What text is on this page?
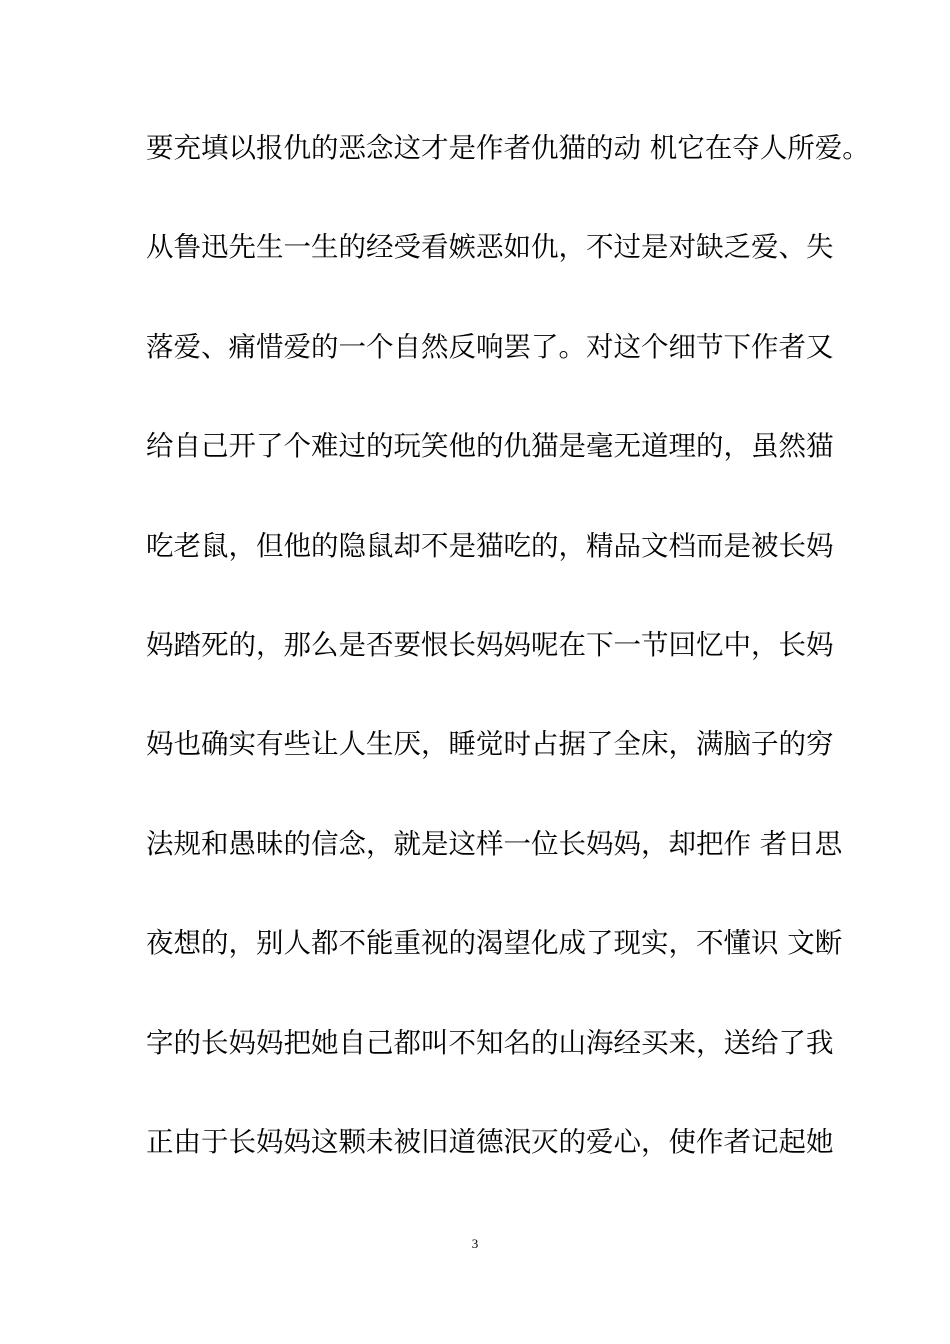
要充填以报仇的恶念这才是作者仇猫的动 机它在夺人所爱。
从鲁迅先生一生的经受看嫉恶如仇，不过是对缺乏爱、失
落爱、痛惜爱的一个自然反响罢了。对这个细节下作者又
给自己开了个难过的玩笑他的仇猫是毫无道理的，虽然猫
吃老鼠，但他的隐鼠却不是猫吃的，精品文档而是被长妈
妈踏死的，那么是否要恨长妈妈呢在下一节回忆中，长妈
妈也确实有些让人生厌，睡觉时占据了全床，满脑子的穷
法规和愚昧的信念，就是这样一位长妈妈，却把作 者日思
夜想的，别人都不能重视的渴望化成了现实，不懂识 文断
字的长妈妈把她自己都叫不知名的山海经买来，送给了我
正由于长妈妈这颗未被旧道德泯灭的爱心，使作者记起她
3
